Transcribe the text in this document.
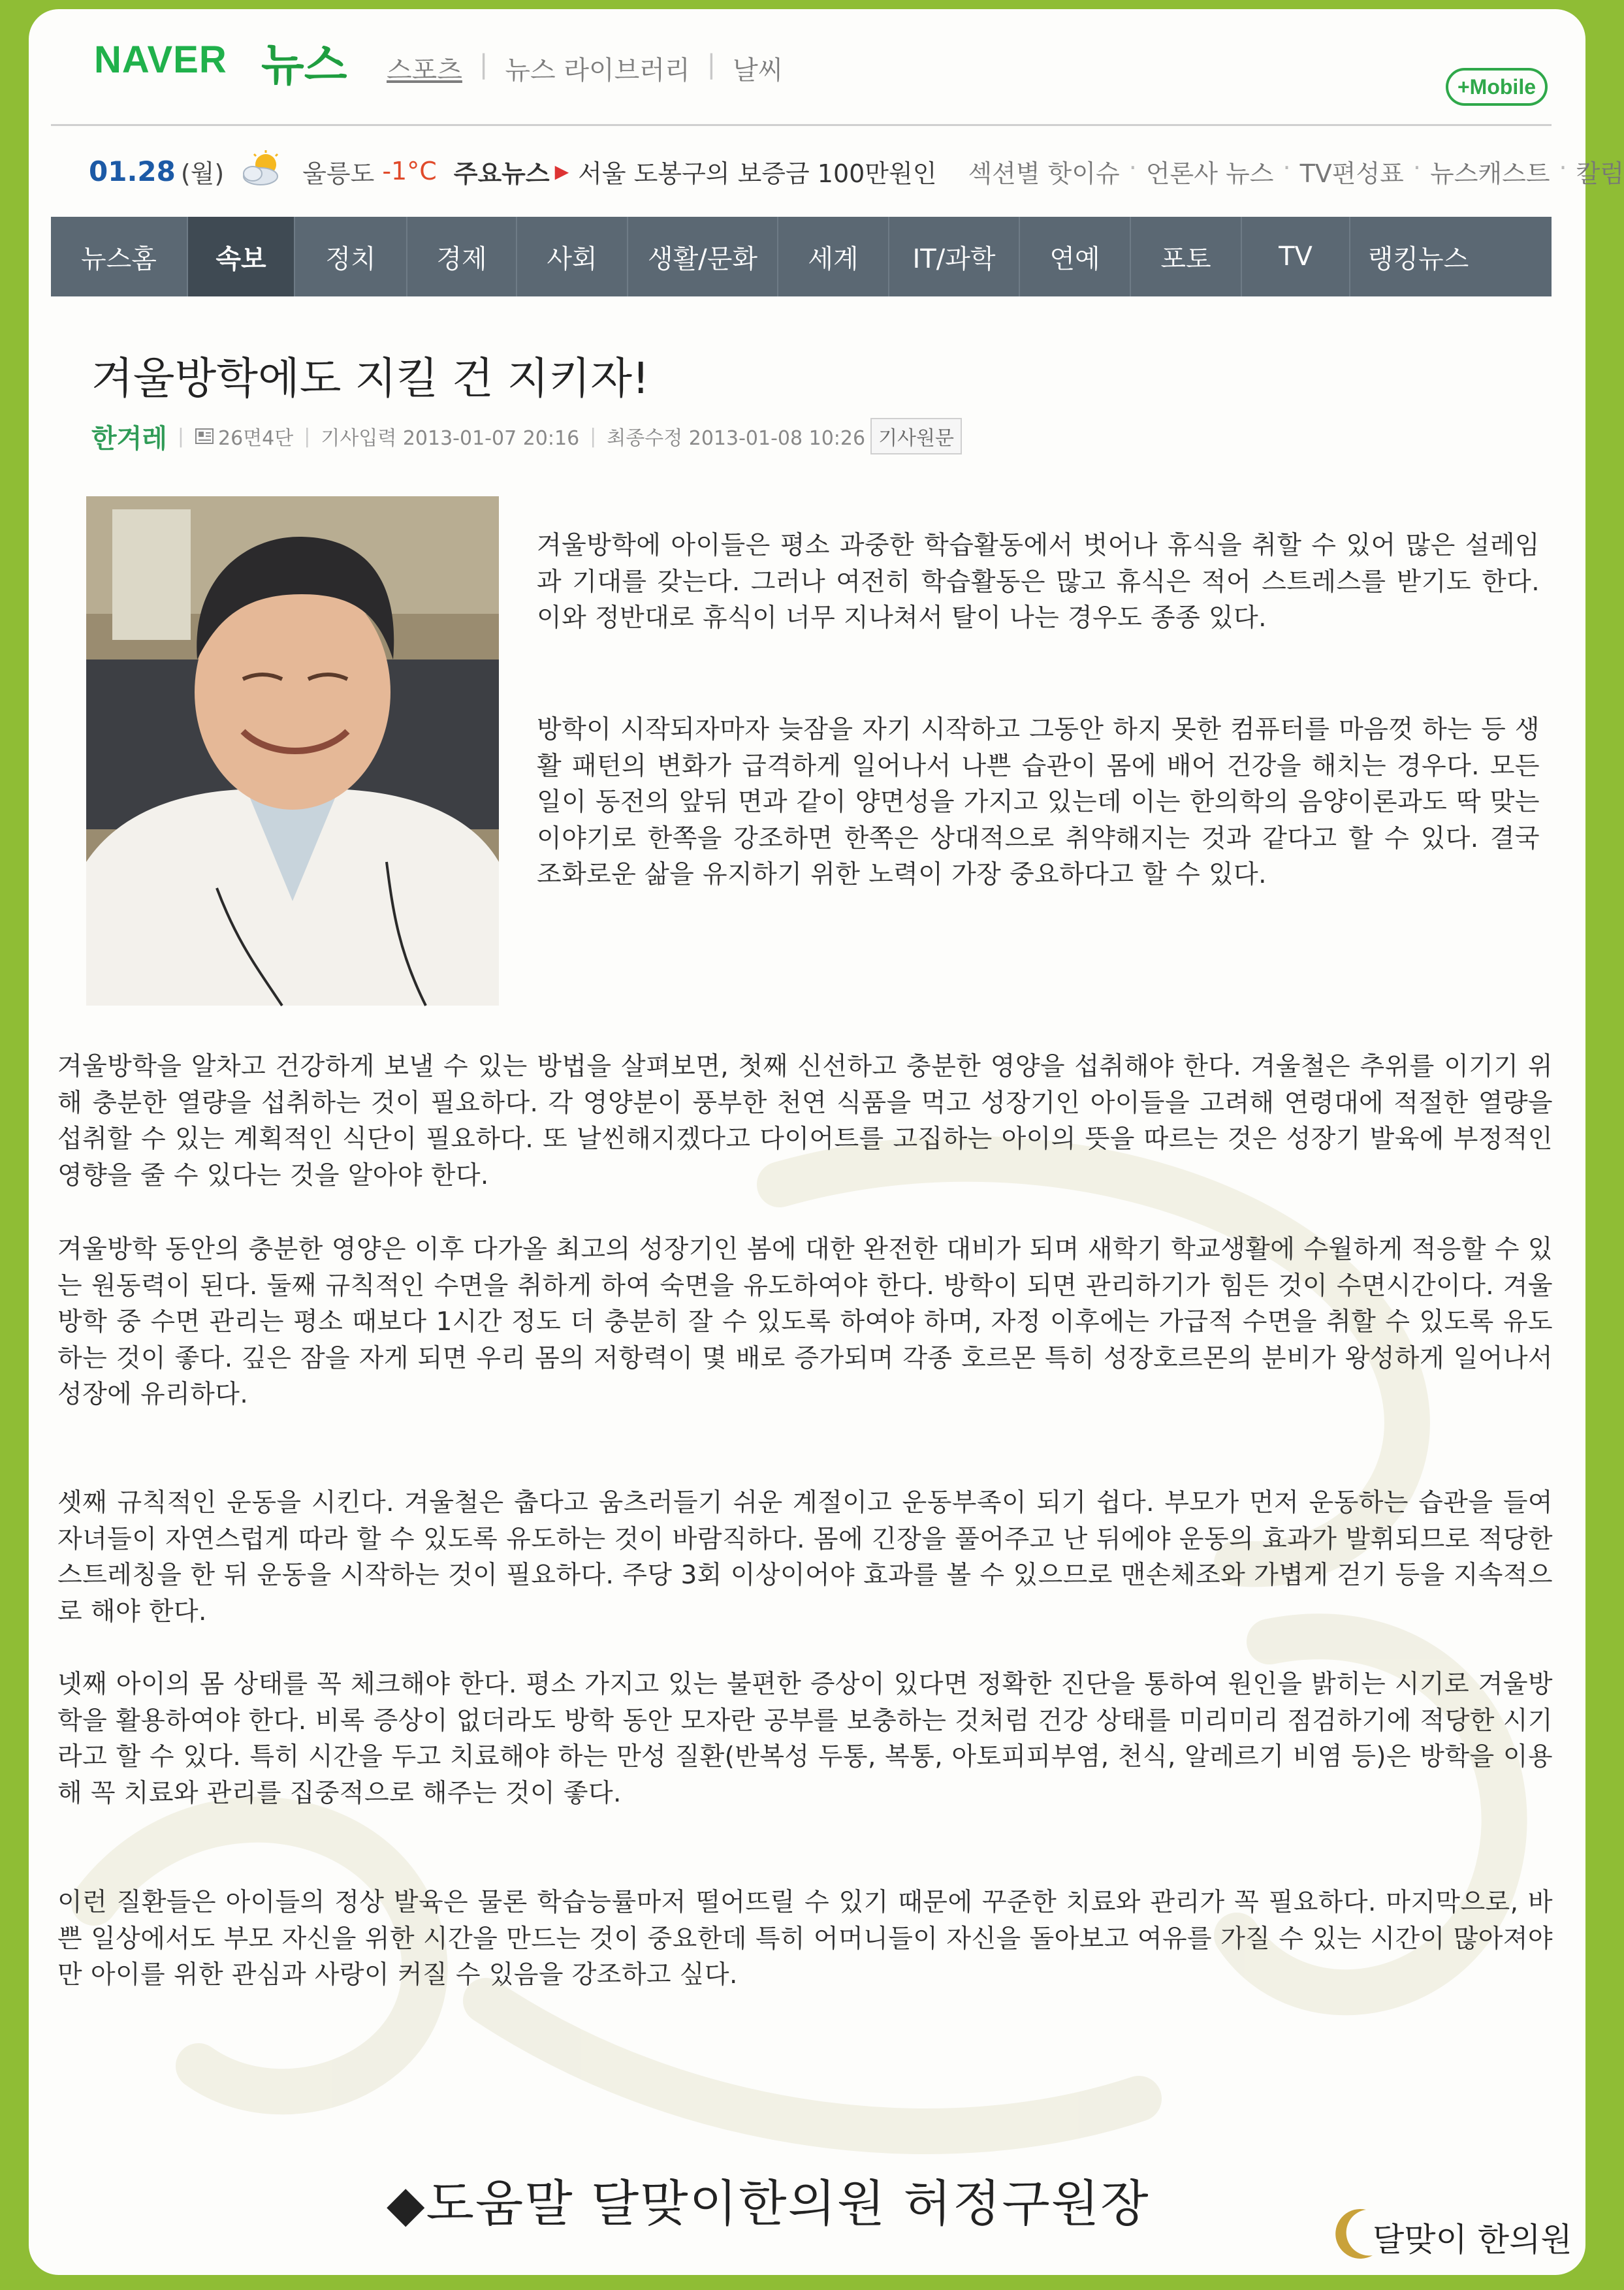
NAVER 뉴스 스포츠 | 뉴스 라이브러리 | 날씨
+Mobile
01.28 (월)	울릉도 -1°C 주요뉴스 ▶ 서울 도봉구의 보증금 100만원인 섹션별 핫이슈 · 언론사 뉴스 · TV편성표 · 뉴스캐스트 · 칼럼
뉴스홈	속보	정치	경제	사회	생활/문화	세계	IT/과학	연예	포토	TV	랭킹뉴스
겨울방학에도 지킬 건 지키자!
한겨레 | 26면4단 | 기사입력 2013-01-07 20:16 | 최종수정 2013-01-08 10:26 기사원문

겨울방학에 아이들은 평소 과중한 학습활동에서 벗어나 휴식을 취할 수 있어 많은 설레임과 기대를 갖는다. 그러나 여전히 학습활동은 많고 휴식은 적어 스트레스를 받기도 한다. 이와 정반대로 휴식이 너무 지나쳐서 탈이 나는 경우도 종종 있다.

방학이 시작되자마자 늦잠을 자기 시작하고 그동안 하지 못한 컴퓨터를 마음껏 하는 등 생활 패턴의 변화가 급격하게 일어나서 나쁜 습관이 몸에 배어 건강을 해치는 경우다. 모든 일이 동전의 앞뒤 면과 같이 양면성을 가지고 있는데 이는 한의학의 음양이론과도 딱 맞는 이야기로 한쪽을 강조하면 한쪽은 상대적으로 취약해지는 것과 같다고 할 수 있다. 결국 조화로운 삶을 유지하기 위한 노력이 가장 중요하다고 할 수 있다.

겨울방학을 알차고 건강하게 보낼 수 있는 방법을 살펴보면, 첫째 신선하고 충분한 영양을 섭취해야 한다. 겨울철은 추위를 이기기 위해 충분한 열량을 섭취하는 것이 필요하다. 각 영양분이 풍부한 천연 식품을 먹고 성장기인 아이들을 고려해 연령대에 적절한 열량을 섭취할 수 있는 계획적인 식단이 필요하다. 또 날씬해지겠다고 다이어트를 고집하는 아이의 뜻을 따르는 것은 성장기 발육에 부정적인 영향을 줄 수 있다는 것을 알아야 한다.

겨울방학 동안의 충분한 영양은 이후 다가올 최고의 성장기인 봄에 대한 완전한 대비가 되며 새학기 학교생활에 수월하게 적응할 수 있는 원동력이 된다. 둘째 규칙적인 수면을 취하게 하여 숙면을 유도하여야 한다. 방학이 되면 관리하기가 힘든 것이 수면시간이다. 겨울방학 중 수면 관리는 평소 때보다 1시간 정도 더 충분히 잘 수 있도록 하여야 하며, 자정 이후에는 가급적 수면을 취할 수 있도록 유도하는 것이 좋다. 깊은 잠을 자게 되면 우리 몸의 저항력이 몇 배로 증가되며 각종 호르몬 특히 성장호르몬의 분비가 왕성하게 일어나서 성장에 유리하다.

셋째 규칙적인 운동을 시킨다. 겨울철은 춥다고 움츠러들기 쉬운 계절이고 운동부족이 되기 쉽다. 부모가 먼저 운동하는 습관을 들여 자녀들이 자연스럽게 따라 할 수 있도록 유도하는 것이 바람직하다. 몸에 긴장을 풀어주고 난 뒤에야 운동의 효과가 발휘되므로 적당한 스트레칭을 한 뒤 운동을 시작하는 것이 필요하다. 주당 3회 이상이어야 효과를 볼 수 있으므로 맨손체조와 가볍게 걷기 등을 지속적으로 해야 한다.

넷째 아이의 몸 상태를 꼭 체크해야 한다. 평소 가지고 있는 불편한 증상이 있다면 정확한 진단을 통하여 원인을 밝히는 시기로 겨울방학을 활용하여야 한다. 비록 증상이 없더라도 방학 동안 모자란 공부를 보충하는 것처럼 건강 상태를 미리미리 점검하기에 적당한 시기라고 할 수 있다. 특히 시간을 두고 치료해야 하는 만성 질환(반복성 두통, 복통, 아토피피부염, 천식, 알레르기 비염 등)은 방학을 이용해 꼭 치료와 관리를 집중적으로 해주는 것이 좋다.

이런 질환들은 아이들의 정상 발육은 물론 학습능률마저 떨어뜨릴 수 있기 때문에 꾸준한 치료와 관리가 꼭 필요하다. 마지막으로, 바쁜 일상에서도 부모 자신을 위한 시간을 만드는 것이 중요한데 특히 어머니들이 자신을 돌아보고 여유를 가질 수 있는 시간이 많아져야만 아이를 위한 관심과 사랑이 커질 수 있음을 강조하고 싶다.

◆도움말 달맞이한의원 허정구원장
달맞이 한의원
